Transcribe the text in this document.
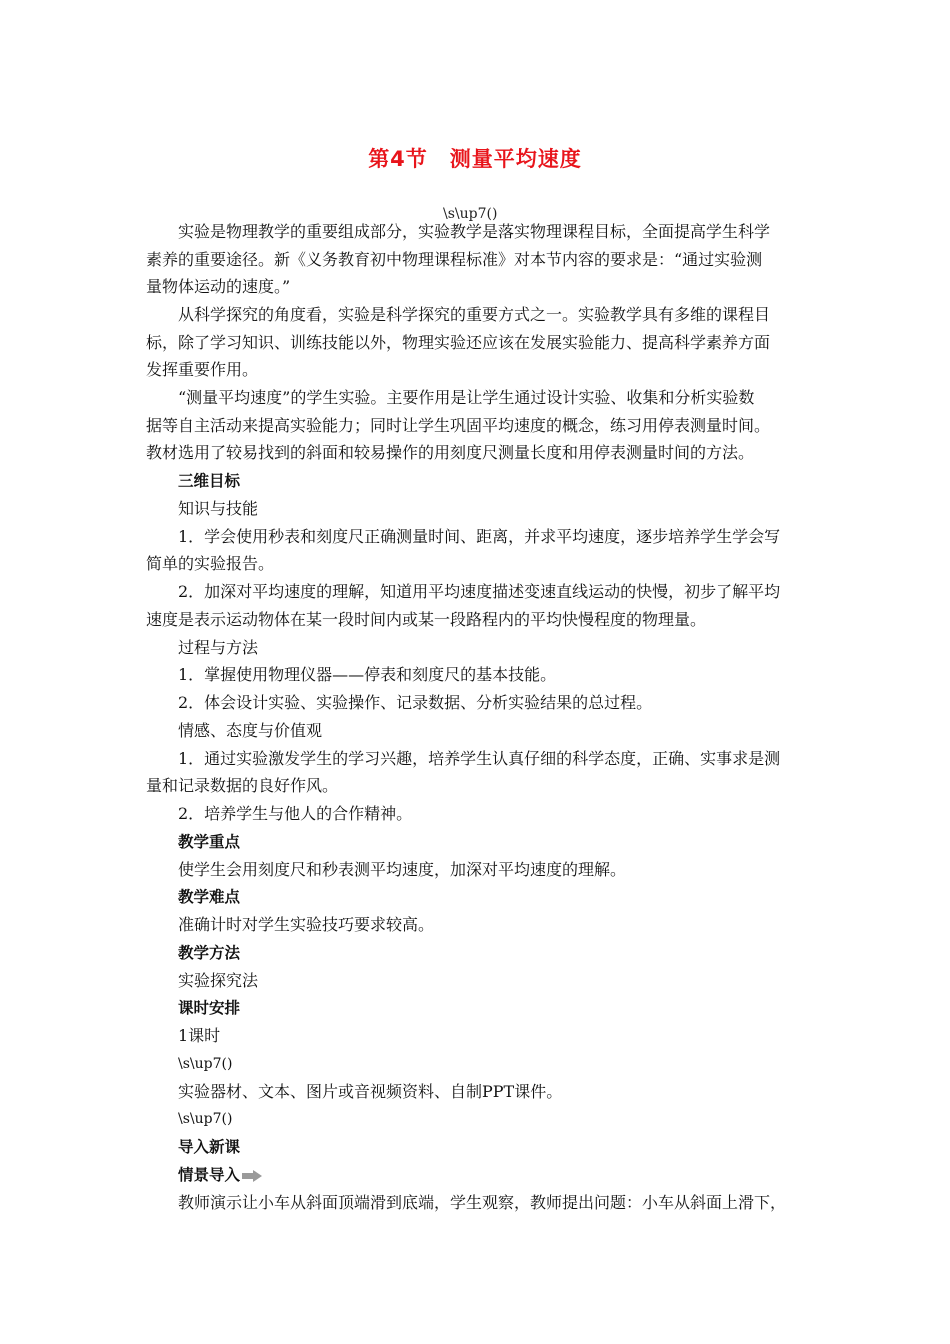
第4节　测量平均速度
\s\up7()
实验是物理教学的重要组成部分，实验教学是落实物理课程目标，全面提高学生科学
素养的重要途径。新《义务教育初中物理课程标准》对本节内容的要求是：“通过实验测
量物体运动的速度。”
从科学探究的角度看，实验是科学探究的重要方式之一。实验教学具有多维的课程目
标，除了学习知识、训练技能以外，物理实验还应该在发展实验能力、提高科学素养方面
发挥重要作用。
“测量平均速度”的学生实验。主要作用是让学生通过设计实验、收集和分析实验数
据等自主活动来提高实验能力；同时让学生巩固平均速度的概念，练习用停表测量时间。
教材选用了较易找到的斜面和较易操作的用刻度尺测量长度和用停表测量时间的方法。
三维目标
知识与技能
1．学会使用秒表和刻度尺正确测量时间、距离，并求平均速度，逐步培养学生学会写
简单的实验报告。
2．加深对平均速度的理解，知道用平均速度描述变速直线运动的快慢，初步了解平均
速度是表示运动物体在某一段时间内或某一段路程内的平均快慢程度的物理量。
过程与方法
1．掌握使用物理仪器——停表和刻度尺的基本技能。
2．体会设计实验、实验操作、记录数据、分析实验结果的总过程。
情感、态度与价值观
1．通过实验激发学生的学习兴趣，培养学生认真仔细的科学态度，正确、实事求是测
量和记录数据的良好作风。
2．培养学生与他人的合作精神。
教学重点
使学生会用刻度尺和秒表测平均速度，加深对平均速度的理解。
教学难点
准确计时对学生实验技巧要求较高。
教学方法
实验探究法
课时安排
1课时
\s\up7()
实验器材、文本、图片或音视频资料、自制PPT课件。
\s\up7()
导入新课
情景导入
教师演示让小车从斜面顶端滑到底端，学生观察，教师提出问题：小车从斜面上滑下，
